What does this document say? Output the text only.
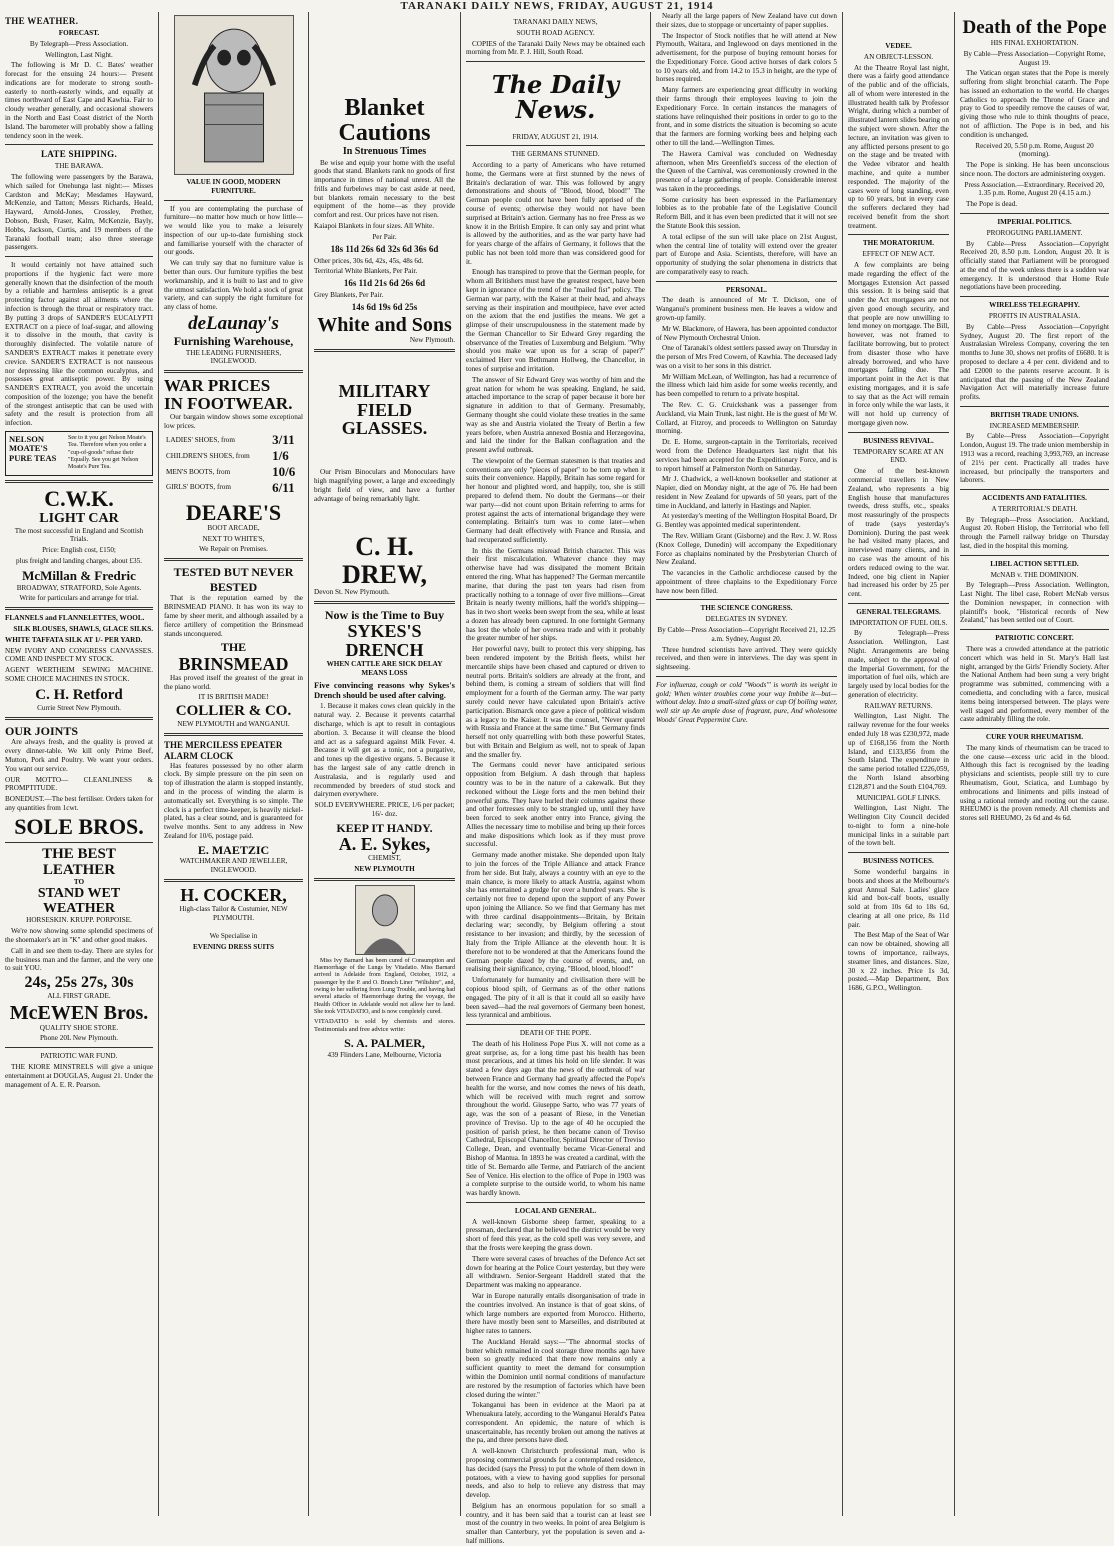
TARANAKI DAILY NEWS, FRIDAY, AUGUST 21, 1914
THE WEATHER.
FORECAST.
By Telegraph—Press Association.
Wellington, Last Night.

The following is Mr D. C. Bates' weather forecast for the ensuing 24 hours:— Present indications are for moderate to strong south-easterly to north-easterly winds, and equally at times northward of East Cape and Kawhia. Fair to cloudy weather generally, and occasional showers in the North and East Coast district of the North Island. The barometer will probably show a falling tendency soon in the week.

LATE SHIPPING.
THE BARAWA.

The following were passengers by the Barawa, which sailed for Onehunga last night:— Misses Cardston and McKay; Mesdames Hayward, McKenzie, and Tatton; Messrs Richards, Heald, Hayward, Arnold-Jones, Crossley, Prether, Dobson, Bush, Fraser, Kalm, McKenzie, Bayly, Hobbs, Jackson, Curtis, and 19 members of the Taranaki football team; also three steerage passengers.

It would certainly not have attained such proportions if the hygienic fact were more generally known that the disinfection of the mouth by a reliable and harmless antiseptic is a great protecting factor against all ailments where the infection is through the throat or respiratory tract. By putting 3 drops of SANDER'S EUCALYPTI EXTRACT on a piece of loaf-sugar, and allowing it to dissolve in the mouth, that cavity is thoroughly disinfected. The volatile nature of SANDER'S EXTRACT makes it penetrate every crevice. SANDER'S EXTRACT is not nauseous nor depressing like the common eucalyptus, and possesses great antiseptic power. By using SANDER'S EXTRACT, you avoid the uncertain composition of the lozenge; you have the benefit of the strongest antiseptic that can be used with safety and the result is protection from all infection.

NELSON MOATE'S PURE TEAS
See to it you get Nelson Moate's Tea. Therefore when you order a "cup-of-goods" refuse their "Equally. See you get Nelson Moate's Pure Tea.
C.W.K.
LIGHT CAR

The most successful in England and Scottish Trials.

Price: English cost, £150;

plus freight and landing charges, about £35.

McMillan & Fredric

BROADWAY, STRATFORD, Sole Agents.

Write for particulars and arrange for trial.

FLANNELS and FLANNELETTES, WOOL.

SILK BLOUSES, SHAWLS, GLACE SILKS.

WHITE TAFFATA SILK AT 1/- PER YARD.

NEW IVORY AND CONGRESS CANVASSES. COME AND INSPECT MY STOCK.

AGENT WERTHEIM SEWING MACHINE. SOME CHOICE MACHINES IN STOCK.

C. H. Retford

Currie Street New Plymouth.

OUR JOINTS

Are always fresh, and the quality is proved at every dinner-table. We kill only Prime Beef, Mutton, Pork and Poultry. We want your orders. You want our service.

OUR MOTTO— CLEANLINESS & PROMPTITUDE.

BONEDUST.—The best fertiliser. Orders taken for any quantities from 1cwt.

SOLE BROS.
THE BEST LEATHER
TO
STAND WET WEATHER

HORSESKIN. KRUPP. PORPOISE.

We're now showing some splendid specimens of the shoemaker's art in "K" and other good makes.

Call in and see them to-day. There are styles for the business man and the farmer, and the very one to suit YOU.

24s, 25s 27s, 30s

ALL FIRST GRADE.

McEWEN Bros.

QUALITY SHOE STORE.

Phone 20L New Plymouth.

PATRIOTIC WAR FUND.

THE KIORE MINSTRELS will give a unique entertainment at DOUGLAS, August 21. Under the management of A. E. R. Pearson.

VALUE IN GOOD, MODERN FURNITURE.

If you are contemplating the purchase of furniture—no matter how much or how little—we would like you to make a leisurely inspection of our up-to-date furnishing stock and familiarise yourself with the character of our goods.

We can truly say that no furniture value is better than ours. Our furniture typifies the best workmanship, and it is built to last and to give the utmost satisfaction. We hold a stock of great variety, and can supply the right furniture for any class of home.

deLaunay's
Furnishing Warehouse,

THE LEADING FURNISHERS, INGLEWOOD.

WAR PRICES
IN FOOTWEAR.

Our bargain window shows some exceptional low prices.

LADIES' SHOES, from	3/11
CHILDREN'S SHOES, from	1/6
MEN'S BOOTS, from	10/6
GIRLS' BOOTS, from	6/11
DEARE'S

BOOT ARCADE,

NEXT TO WHITE'S,

We Repair on Premises.

TESTED BUT NEVER
BESTED

That is the reputation earned by the BRINSMEAD PIANO. It has won its way to fame by sheer merit, and although assailed by a fierce artillery of competition the Brinsmead stands unconquered.

THE
BRINSMEAD

Has proved itself the greatest of the great in the piano world.

IT IS BRITISH MADE!

COLLIER & CO.

NEW PLYMOUTH and WANGANUI.

THE MERCILESS EPEATER ALARM CLOCK

Has features possessed by no other alarm clock. By simple pressure on the pin seen on top of illustration the alarm is stopped instantly, and in the process of winding the alarm is automatically set. Everything is so simple. The clock is a perfect time-keeper, is heavily nickel-plated, has a clear sound, and is guaranteed for twelve months. Sent to any address in New Zealand for 10/6, postage paid.

E. MAETZIC

WATCHMAKER AND JEWELLER, INGLEWOOD.

H. COCKER,

High-class Tailor & Costumier, NEW PLYMOUTH.

We Specialise in

EVENING DRESS SUITS

Blanket
Cautions
In Strenuous Times

Be wise and equip your home with the useful goods that stand. Blankets rank no goods of first importance in times of national unrest. All the frills and furbelows may be cast aside at need, but blankets remain necessary to the best equipment of the home—as they provide comfort and rest. Our prices have not risen.

Kaiapoi Blankets in four sizes. All White.

Per Pair.

18s 11d 26s 6d 32s 6d 36s 6d

Other prices, 30s 6d, 42s, 45s, 48s 6d.

Territorial White Blankets, Per Pair.

16s 11d 21s 6d 26s 6d

Grey Blankets, Per Pair.

14s 6d 19s 6d 25s

White and Sons

New Plymouth.

MILITARY
FIELD GLASSES.

Our Prism Binoculars and Monoculars have high magnifying power, a large and exceedingly bright field of view, and have a further advantage of being remarkably light.

C. H. DREW,

Devon St. New Plymouth.

Now is the Time to Buy
SYKES'S DRENCH

WHEN CATTLE ARE SICK DELAY MEANS LOSS

Five convincing reasons why Sykes's Drench should be used after calving.

1. Because it makes cows clean quickly in the natural way. 2. Because it prevents catarrhal discharge, which is apt to result in contagious abortion. 3. Because it will cleanse the blood and act as a safeguard against Milk Fever. 4. Because it will get as a tonic, not a purgative, and tones up the digestive organs. 5. Because it has the largest sale of any cattle drench in Australasia, and is regularly used and recommended by breeders of stud stock and dairymen everywhere.

SOLD EVERYWHERE. PRICE, 1/6 per packet; 16/- doz.

KEEP IT HANDY.
A. E. Sykes,

CHEMIST,

NEW PLYMOUTH

Miss Ivy Barnard has been cured of Consumption and Haemorrhage of the Lungs by Vitadatio. Miss Barnard arrived in Adelaide from England, October, 1912, a passenger by the P. and O. Branch Liner "Wiltshire", and, owing to her suffering from Lung Trouble, and having had several attacks of Haemorrhage during the voyage, the Health Officer in Adelaide would not allow her to land. She took VITADATIO, and is now completely cured.

VITADATIO is sold by chemists and stores. Testimonials and free advice write:

S. A. PALMER,

439 Flinders Lane, Melbourne, Victoria

TARANAKI DAILY NEWS,
SOUTH ROAD AGENCY.

COPIES of the Taranaki Daily News may be obtained each morning from Mr. P. J. Hill, South Road.

The Daily News.
FRIDAY, AUGUST 21, 1914.
THE GERMANS STUNNED.

According to a party of Americans who have returned home, the Germans were at first stunned by the news of Britain's declaration of war. This was followed by angry demonstrations and shouts of "Blood, blood, blood!" The German people could not have been fully apprised of the course of events; otherwise they would not have been surprised at Britain's action. Germany has no free Press as we know it in the British Empire. It can only say and print what is allowed by the authorities, and as the war party have had for years charge of the affairs of Germany, it follows that the public has not been told more than was considered good for it.

Enough has transpired to prove that the German people, for whom all Britishers must have the greatest respect, have been kept in ignorance of the trend of the "mailed fist" policy. The German war party, with the Kaiser at their head, and always serving as their inspiration and mouthpiece, have ever acted on the axiom that the end justifies the means. We get a glimpse of their unscrupulousness in the statement made by the German Chancellor to Sir Edward Grey regarding the observance of the Treaties of Luxemburg and Belgium. "Why should you make war upon us for a scrap of paper?" exclaimed Herr von Bethmann Hollweg, the Chancellor, in tones of surprise and irritation.

The answer of Sir Edward Grey was worthy of him and the great nation for whom he was speaking. England, he said, attached importance to the scrap of paper because it bore her signature in addition to that of Germany. Presumably, Germany thought she could violate these treaties in the same way as she and Austria violated the Treaty of Berlin a few years before, when Austria annexed Bosnia and Herzegovina, and laid the tinder for the Balkan conflagration and the present awful outbreak.

The viewpoint of the German statesmen is that treaties and conventions are only "pieces of paper" to be torn up when it suits their convenience. Happily, Britain has some regard for her honour and plighted word, and happily, too, she is still prepared to defend them. No doubt the Germans—or their war party—did not count upon Britain referring to arms for protest against the acts of international brigandage they were contemplating. Britain's turn was to come later—when Germany had dealt effectively with France and Russia, and had recuperated sufficiently.

In this the Germans misread British character. This was their first miscalculation. Whatever chance they may otherwise have had was dissipated the moment Britain entered the ring. What has happened? The German mercantile marine, that during the past ten years had risen from practically nothing to a tonnage of over five millions—Great Britain is nearly twenty millions, half the world's shipping—has in two short weeks been swept from the sea, while at least a dozen has already been captured. In one fortnight Germany has lost the whole of her oversea trade and with it probably the greater number of her ships.

Her powerful navy, built to protect this very shipping, has been rendered impotent by the British fleets, whilst her mercantile ships have been chased and captured or driven to neutral ports. Britain's soldiers are already at the front, and behind them, is coming a stream of soldiers that will find employment for a fourth of the German army. The war party surely could never have calculated upon Britain's active participation. Bismarck once gave a piece of political wisdom as a legacy to the Kaiser. It was the counsel, "Never quarrel with Russia and France at the same time." But Germany finds herself not only quarrelling with both these powerful States, but with Britain and Belgium as well, not to speak of Japan and the smaller fry.

The Germans could never have anticipated serious opposition from Belgium. A dash through that hapless country was to be in the nature of a cakewalk. But they reckoned without the Liege forts and the men behind their powerful guns. They have hurled their columns against these and other fortresses only to be strangled up, until they have been forced to seek another entry into France, giving the Allies the necessary time to mobilise and bring up their forces and make dispositions which look as if they must prove successful.

Germany made another mistake. She depended upon Italy to join the forces of the Triple Alliance and attack France from her side. But Italy, always a country with an eye to the main chance, is more likely to attack Austria, against whom she has entertained a grudge for over a hundred years. She is certainly not free to depend upon the support of any Power upon joining the Alliance. So we find that Germany has met with three cardinal disappointments—Britain, by Britain declaring war; secondly, by Belgium offering a stout resistance to her invasion; and thirdly, by the secession of Italy from the Triple Alliance at the eleventh hour. It is therefore not to be wondered at that the Americans found the German people dazed by the course of events, and, on realising their significance, crying, "Blood, blood, blood!"

Unfortunately for humanity and civilisation there will be copious blood spilt, of Germans as of the other nations engaged. The pity of it all is that it could all so easily have been saved—had the real governors of Germany been honest, less tyrannical and ambitious.

DEATH OF THE POPE.

The death of his Holiness Pope Pius X. will not come as a great surprise, as, for a long time past his health has been most precarious, and at times his hold on life slender. It was stated a few days ago that the news of the outbreak of war between France and Germany had greatly affected the Pope's health for the worse, and now comes the news of his death, which will be received with much regret and sorrow throughout the world. Giuseppe Sarto, who was 77 years of age, was the son of a peasant of Riese, in the Venetian province of Treviso. Up to the age of 40 he occupied the position of parish priest, he then became canon of Treviso Cathedral, Episcopal Chancellor, Spiritual Director of Treviso College, Dean, and eventually became Vicar-General and Bishop of Mantua. In 1893 he was created a cardinal, with the title of St. Bernardo alle Terme, and Patriarch of the ancient See of Venice. His election to the office of Pope in 1903 was a complete surprise to the outside world, to whom his name was hardly known.

LOCAL AND GENERAL.

A well-known Gisborne sheep farmer, speaking to a pressman, declared that he believed the district would be very short of feed this year, as the cold spell was very severe, and that the frosts were keeping the grass down.

There were several cases of breaches of the Defence Act set down for hearing at the Police Court yesterday, but they were all withdrawn. Senior-Sergeant Haddrell stated that the Department was making no appearance.

War in Europe naturally entails disorganisation of trade in the countries involved. An instance is that of goat skins, of which large numbers are exported from Morocco. Hitherto, there have mostly been sent to Marseilles, and distributed at higher rates to tanners.

The Auckland Herald says:—"The abnormal stocks of butter which remained in cool storage three months ago have been so greatly reduced that there now remains only a sufficient quantity to meet the demand for consumption within the Dominion until normal conditions of manufacture are restored by the resumption of factories which have been closed during the winter."

Tokanganui has been in evidence at the Maori pa at Whenuakura lately, according to the Wanganui Herald's Patea correspondent. An epidemic, the nature of which is unascertainable, has recently broken out among the natives at the pa, and three persons have died.

A well-known Christchurch professional man, who is proposing commercial grounds for a contemplated residence, has decided (says the Press) to put the whole of them down in potatoes, with a view to having good supplies for personal needs, and also to help to relieve any distress that may develop.

Belgium has an enormous population for so small a country, and it has been said that a tourist can at least see most of the country in two weeks. In point of area Belgium is smaller than Canterbury, yet the population is seven and a-half millions.

Nearly all the large papers of New Zealand have cut down their sizes, due to stoppage or uncertainty of paper supplies.

The Inspector of Stock notifies that he will attend at New Plymouth, Waitara, and Inglewood on days mentioned in the advertisement, for the purpose of buying remount horses for the Expeditionary Force. Good active horses of dark colors 5 to 10 years old, and from 14.2 to 15.3 in height, are the type of horses required.

Many farmers are experiencing great difficulty in working their farms through their employees leaving to join the Expeditionary Force. In certain instances the managers of stations have relinquished their positions in order to go to the front, and in some districts the situation is becoming so acute that the farmers are forming working bees and helping each other to till the land.—Wellington Times.

The Hawera Carnival was concluded on Wednesday afternoon, when Mrs Greenfield's success of the election of the Queen of the Carnival, was ceremoniously crowned in the presence of a large gathering of people. Considerable interest was taken in the proceedings.

Some curiosity has been expressed in the Parliamentary lobbies as to the probable fate of the Legislative Council Reform Bill, and it has even been predicted that it will not see the Statute Book this session.

A total eclipse of the sun will take place on 21st August, when the central line of totality will extend over the greater part of Europe and Asia. Scientists, therefore, will have an opportunity of studying the solar phenomena in districts that are comparatively easy to reach.

PERSONAL.

The death is announced of Mr T. Dickson, one of Wanganui's prominent business men. He leaves a widow and grown-up family.

Mr W. Blackmore, of Hawera, has been appointed conductor of New Plymouth Orchestral Union.

One of Taranaki's oldest settlers passed away on Thursday in the person of Mrs Fred Cowern, of Kawhia. The deceased lady was on a visit to her sons in this district.

Mr William McLean, of Wellington, has had a recurrence of the illness which laid him aside for some weeks recently, and has been compelled to return to a private hospital.

The Rev. C. G. Cruickshank was a passenger from Auckland, via Main Trunk, last night. He is the guest of Mr W. Collard, at Fitzroy, and proceeds to Wellington on Saturday morning.

Dr. E. Home, surgeon-captain in the Territorials, received word from the Defence Headquarters last night that his services had been accepted for the Expeditionary Force, and is to report himself at Palmerston North on Saturday.

Mr J. Chadwick, a well-known bookseller and stationer at Napier, died on Monday night, at the age of 76. He had been resident in New Zealand for upwards of 50 years, part of the time in Auckland, and latterly in Hastings and Napier.

At yesterday's meeting of the Wellington Hospital Board, Dr G. Bentley was appointed medical superintendent.

The Rev. William Grant (Gisborne) and the Rev. J. W. Ross (Knox College, Dunedin) will accompany the Expeditionary Force as chaplains nominated by the Presbyterian Church of New Zealand.

The vacancies in the Catholic archdiocese caused by the appointment of three chaplains to the Expeditionary Force have now been filled.

THE SCIENCE CONGRESS.
DELEGATES IN SYDNEY.

By Cable—Press Association—Copyright Received 21, 12.25 a.m. Sydney, August 20.

Three hundred scientists have arrived. They were quickly received, and then were in interviews. The day was spent in sightseeing.

For influenza, cough or cold "Woods'" is worth its weight in gold; When winter troubles come your way Imbibe it—but—without delay. Into a small-sized glass or cup Of boiling water, well stir up An ample dose of fragrant, pure, And wholesome Woods' Great Peppermint Cure.

VEDEE.
AN OBJECT-LESSON.

At the Theatre Royal last night, there was a fairly good attendance of the public and of the officials, all of whom were interested in the illustrated health talk by Professor Wright, during which a number of illustrated lantern slides bearing on the subject were shown. After the lecture, an invitation was given to any afflicted persons present to go on the stage and be treated with the Vedee vibrator and health machine, and quite a number responded. The majority of the cases were of long standing, even up to 60 years, but in every case the sufferers declared they had received benefit from the short treatment.

THE MORATORIUM.
EFFECT OF NEW ACT.

A few complaints are being made regarding the effect of the Mortgages Extension Act passed this session. It is being said that under the Act mortgagees are not given good enough security, and that people are now unwilling to lend money on mortgage. The Bill, however, was not framed to facilitate borrowing, but to protect from disaster those who have already borrowed, and who have mortgages falling due. The important point in the Act is that existing mortgages, and it is safe to say that as the Act will remain in force only while the war lasts, it will not hold up currency of mortgage given now.

BUSINESS REVIVAL.
TEMPORARY SCARE AT AN END.

One of the best-known commercial travellers in New Zealand, who represents a big English house that manufactures tweeds, dress stuffs, etc., speaks most reassuringly of the prospects of trade (says yesterday's Dominion). During the past week he had visited many places, and interviewed many clients, and in no case was the amount of his orders reduced owing to the war. Indeed, one big client in Napier had increased his order by 25 per cent.

GENERAL TELEGRAMS.
IMPORTATION OF FUEL OILS.

By Telegraph—Press Association. Wellington, Last Night. Arrangements are being made, subject to the approval of the Imperial Government, for the importation of fuel oils, which are largely used by local bodies for the generation of electricity.

RAILWAY RETURNS.

Wellington, Last Night. The railway revenue for the four weeks ended July 18 was £230,972, made up of £168,156 from the North Island, and £133,856 from the South Island. The expenditure in the same period totalled £226,059, the North Island absorbing £128,871 and the South £104,769.

MUNICIPAL GOLF LINKS.

Wellington, Last Night. The Wellington City Council decided to-night to form a nine-hole municipal links in a suitable part of the town belt.

BUSINESS NOTICES.

Some wonderful bargains in boots and shoes at the Melbourne's great Annual Sale. Ladies' glace kid and box-calf boots, usually sold at from 10s 6d to 18s 6d, clearing at all one price, 8s 11d pair.

The Best Map of the Seat of War can now be obtained, showing all towns of importance, railways, steamer lines, and distances. Size, 30 x 22 inches. Price 1s 3d, posted.—Map Department, Box 1686, G.P.O., Wellington.

Death of the Pope
HIS FINAL EXHORTATION.

By Cable—Press Association—Copyright Rome, August 19.

The Vatican organ states that the Pope is merely suffering from slight bronchial catarrh. The Pope has issued an exhortation to the world. He charges Catholics to approach the Throne of Grace and pray to God to speedily remove the causes of war, giving those who rule to think thoughts of peace, not of affliction. The Pope is in bed, and his condition is unchanged.

Received 20, 5.50 p.m. Rome, August 20 (morning).

The Pope is sinking. He has been unconscious since noon. The doctors are administering oxygen.

Press Association.—Extraordinary. Received 20, 1.35 p.m. Rome, August 20 (4.15 a.m.)

The Pope is dead.

IMPERIAL POLITICS.
PROROGUING PARLIAMENT.

By Cable—Press Association—Copyright Received 20, 8.50 p.m. London, August 20. It is officially stated that Parliament will be prorogued at the end of the week unless there is a sudden war emergency. It is understood that Home Rule negotiations have been proceeding.

WIRELESS TELEGRAPHY.
PROFITS IN AUSTRALASIA.

By Cable—Press Association—Copyright Sydney, August 20. The first report of the Australasian Wireless Company, covering the ten months to June 30, shows net profits of £6680. It is proposed to declare a 4 per cent. dividend and to add £2000 to the patents reserve account. It is anticipated that the passing of the New Zealand Navigation Act will materially increase future profits.

BRITISH TRADE UNIONS.
INCREASED MEMBERSHIP.

By Cable—Press Association—Copyright London, August 19. The trade union membership in 1913 was a record, reaching 3,993,769, an increase of 21½ per cent. Practically all trades have increased, but principally the transporters and laborers.

ACCIDENTS AND FATALITIES.
A TERRITORIAL'S DEATH.

By Telegraph—Press Association. Auckland, August 20. Robert Hislop, the Territorial who fell through the Parnell railway bridge on Thursday last, died in the hospital this morning.

LIBEL ACTION SETTLED.
McNAB v. THE DOMINION.

By Telegraph—Press Association. Wellington, Last Night. The libel case, Robert McNab versus the Dominion newspaper, in connection with plaintiff's book, "Historical records of New Zealand," has been settled out of Court.

PATRIOTIC CONCERT.

There was a crowded attendance at the patriotic concert which was held in St. Mary's Hall last night, arranged by the Girls' Friendly Society. After the National Anthem had been sung a very bright programme was submitted, commencing with a comedietta, and concluding with a farce, musical items being interspersed between. The plays were well staged and performed, every member of the caste admirably filling the role.

CURE YOUR RHEUMATISM.

The many kinds of rheumatism can be traced to the one cause—excess uric acid in the blood. Although this fact is recognised by the leading physicians and scientists, people still try to cure Rheumatism, Gout, Sciatica, and Lumbago by embrocations and liniments and pills instead of using a rational remedy and rooting out the cause. RHEUMO is the proven remedy. All chemists and stores sell RHEUMO, 2s 6d and 4s 6d.
